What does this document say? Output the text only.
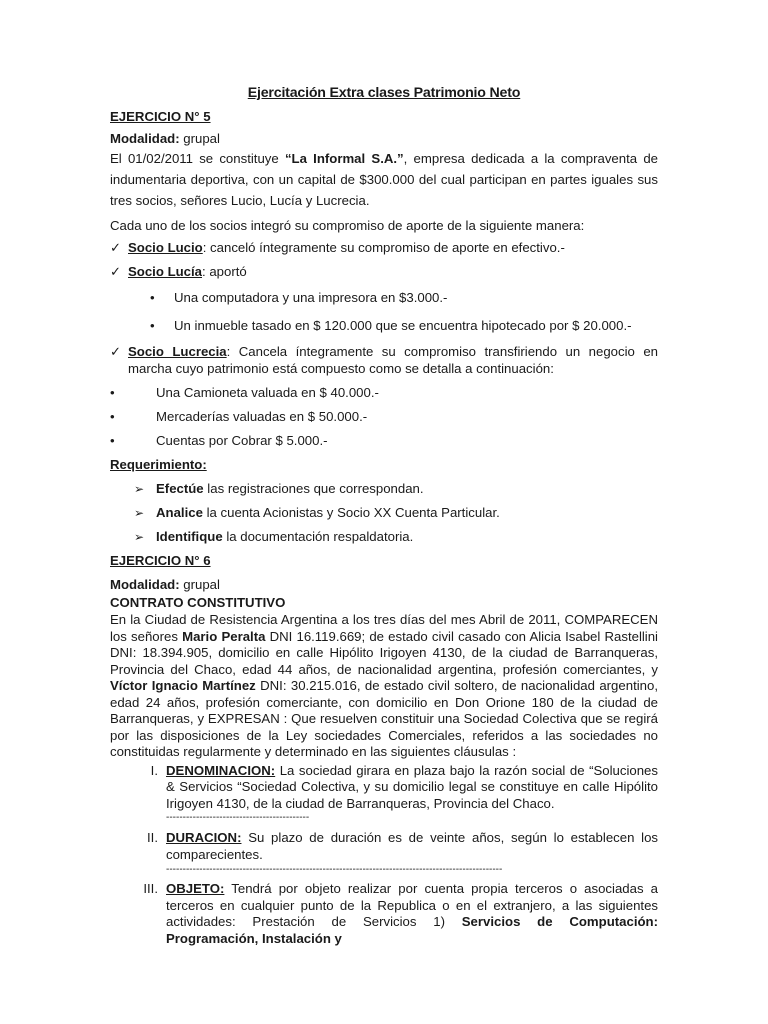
Ejercitación Extra clases Patrimonio Neto

EJERCICIO N° 5

Modalidad: grupal

El 01/02/2011 se constituye “La Informal S.A.”, empresa dedicada a la compraventa de indumentaria deportiva, con un capital de $300.000 del cual participan en partes iguales sus tres socios, señores Lucio, Lucía y Lucrecia.

Cada uno de los socios integró su compromiso de aporte de la siguiente manera:

✓ Socio Lucio: canceló íntegramente su compromiso de aporte en efectivo.-
✓ Socio Lucía: aportó
•	Una computadora y una impresora en $3.000.-
•	Un inmueble tasado en $ 120.000 que se encuentra hipotecado por $ 20.000.-
✓ Socio Lucrecia: Cancela íntegramente su compromiso transfiriendo un negocio en marcha cuyo patrimonio está compuesto como se detalla a continuación:
•	Una Camioneta valuada en $ 40.000.-
•	Mercaderías valuadas en $ 50.000.-
•	Cuentas por Cobrar $ 5.000.-

Requerimiento:

➢ Efectúe las registraciones que correspondan.
➢ Analice la cuenta Acionistas y Socio XX Cuenta Particular.
➢ Identifique la documentación respaldatoria.

EJERCICIO N° 6

Modalidad: grupal

CONTRATO CONSTITUTIVO

En la Ciudad de Resistencia Argentina a los tres días del mes Abril de 2011, COMPARECEN los señores Mario Peralta DNI 16.119.669; de estado civil casado con Alicia Isabel Rastellini DNI: 18.394.905, domicilio en calle Hipólito Irigoyen 4130, de la ciudad de Barranqueras, Provincia del Chaco, edad 44 años, de nacionalidad argentina, profesión comerciantes, y Víctor Ignacio Martínez DNI: 30.215.016, de estado civil soltero, de nacionalidad argentino, edad 24 años, profesión comerciante, con domicilio en Don Orione 180 de la ciudad de Barranqueras, y EXPRESAN : Que resuelven constituir una Sociedad Colectiva que se regirá por las disposiciones de la Ley sociedades Comerciales, referidos a las sociedades no constituidas regularmente y determinado en las siguientes cláusulas :

I. DENOMINACION: La sociedad girara en plaza bajo la razón social de “Soluciones & Servicios “Sociedad Colectiva, y su domicilio legal se constituye en calle Hipólito Irigoyen 4130, de la ciudad de Barranqueras, Provincia del Chaco.

-------------------------------------------

II. DURACION: Su plazo de duración es de veinte años, según lo establecen los comparecientes.

-----------------------------------------------------------------------------------------------------

III. OBJETO: Tendrá por objeto realizar por cuenta propia terceros o asociadas a terceros en cualquier punto de la Republica o en el extranjero, a las siguientes actividades: Prestación de Servicios 1) Servicios de Computación: Programación, Instalación y
